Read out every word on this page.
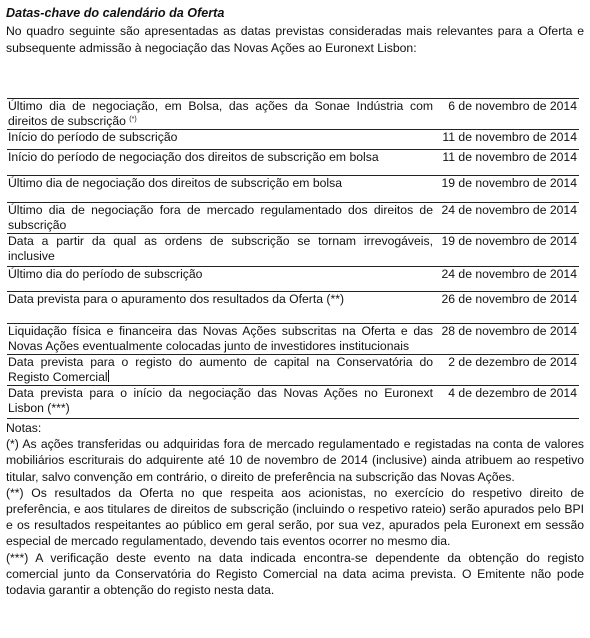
Datas-chave do calendário da Oferta
No quadro seguinte são apresentadas as datas previstas consideradas mais relevantes para a Oferta e subsequente admissão à negociação das Novas Ações ao Euronext Lisbon:
Último dia de negociação, em Bolsa, das ações da Sonae Indústria com direitos de subscrição (*)	6 de novembro de 2014
Início do período de subscrição	11 de novembro de 2014
Início do período de negociação dos direitos de subscrição em bolsa	11 de novembro de 2014
Último dia de negociação dos direitos de subscrição em bolsa	19 de novembro de 2014
Último dia de negociação fora de mercado regulamentado dos direitos de subscrição	24 de novembro de 2014
Data a partir da qual as ordens de subscrição se tornam irrevogáveis, inclusive	19 de novembro de 2014
Último dia do período de subscrição	24 de novembro de 2014
Data prevista para o apuramento dos resultados da Oferta (**)	26 de novembro de 2014
Liquidação física e financeira das Novas Ações subscritas na Oferta e das Novas Ações eventualmente colocadas junto de investidores institucionais	28 de novembro de 2014
Data prevista para o registo do aumento de capital na Conservatória do Registo Comercial	2 de dezembro de 2014
Data prevista para o início da negociação das Novas Ações no Euronext Lisbon (***)	4 de dezembro de 2014

Notas:

(*) As ações transferidas ou adquiridas fora de mercado regulamentado e registadas na conta de valores mobiliários escriturais do adquirente até 10 de novembro de 2014 (inclusive) ainda atribuem ao respetivo titular, salvo convenção em contrário, o direito de preferência na subscrição das Novas Ações.

(**) Os resultados da Oferta no que respeita aos acionistas, no exercício do respetivo direito de preferência, e aos titulares de direitos de subscrição (incluindo o respetivo rateio) serão apurados pelo BPI e os resultados respeitantes ao público em geral serão, por sua vez, apurados pela Euronext em sessão especial de mercado regulamentado, devendo tais eventos ocorrer no mesmo dia.

(***) A verificação deste evento na data indicada encontra-se dependente da obtenção do registo comercial junto da Conservatória do Registo Comercial na data acima prevista. O Emitente não pode todavia garantir a obtenção do registo nesta data.
